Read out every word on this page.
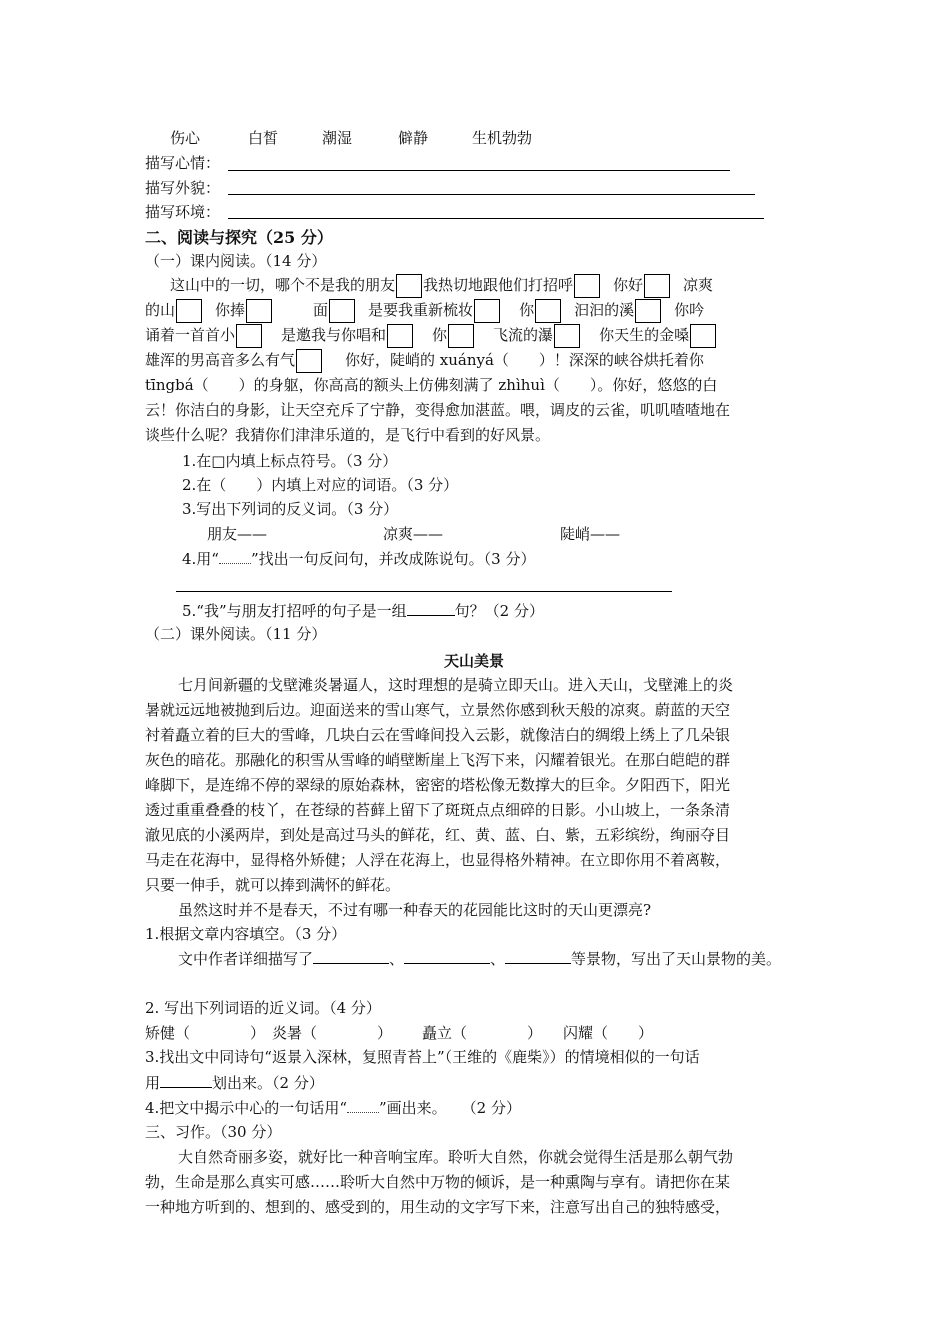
伤心	白皙	潮湿	僻静	生机勃勃
描写心情：
描写外貌：
描写环境：
二、阅读与探究（25 分）
（一）课内阅读。（14 分）
这山中的一切，哪个不是我的朋友 我热切地跟他们打招呼	你好	凉爽
的山	你捧	面	是要我重新梳妆	你	汩汩的溪	你吟
诵着一首首小	是邀我与你唱和	你	飞流的瀑	你天生的金嗓
雄浑的男高音多么有气	你好，陡峭的 xuányá（　　）！深深的峡谷烘托着你
tīngbá（　　）的身躯，你高高的额头上仿佛刻满了 zhìhuì（　　）。你好，悠悠的白
云！你洁白的身影，让天空充斥了宁静，变得愈加湛蓝。喂，调皮的云雀，叽叽喳喳地在
谈些什么呢？我猜你们津津乐道的，是飞行中看到的好风景。
1.在□内填上标点符号。（3 分）
2.在（　　）内填上对应的词语。（3 分）
3.写出下列词的反义词。（3 分）
朋友——	凉爽——	陡峭——
4.用“ ”找出一句反问句，并改成陈说句。（3 分）
5.“我”与朋友打招呼的句子是一组	句？（2 分）
（二）课外阅读。（11 分）
天山美景
七月间新疆的戈壁滩炎暑逼人，这时理想的是骑立即天山。进入天山，戈壁滩上的炎
暑就远远地被抛到后边。迎面送来的雪山寒气，立景然你感到秋天般的凉爽。蔚蓝的天空
衬着矗立着的巨大的雪峰，几块白云在雪峰间投入云影，就像洁白的绸缎上绣上了几朵银
灰色的暗花。那融化的积雪从雪峰的峭壁断崖上飞泻下来，闪耀着银光。在那白皑皑的群
峰脚下，是连绵不停的翠绿的原始森林，密密的塔松像无数撑大的巨伞。夕阳西下，阳光
透过重重叠叠的枝丫，在苍绿的苔藓上留下了斑斑点点细碎的日影。小山坡上，一条条清
澈见底的小溪两岸，到处是高过马头的鲜花，红、黄、蓝、白、紫，五彩缤纷，绚丽夺目
马走在花海中，显得格外矫健；人浮在花海上，也显得格外精神。在立即你用不着离鞍，
只要一伸手，就可以捧到满怀的鲜花。
虽然这时并不是春天，不过有哪一种春天的花园能比这时的天山更漂亮?
1.根据文章内容填空。（3 分）
文中作者详细描写了	、	、	等景物，写出了天山景物的美。
2. 写出下列词语的近义词。（4 分）
矫健（　　　　） 炎暑（　　　　） 矗立（　　　　） 闪耀（　　）
3.找出文中同诗句“返景入深林，复照青苔上”（王维的《鹿柴》）的情境相似的一句话
用	划出来。（2 分）
4.把文中揭示中心的一句话用“ ”画出来。　　（2 分）
三、习作。（30 分）
大自然奇丽多姿，就好比一种音响宝库。聆听大自然，你就会觉得生活是那么朝气勃
勃，生命是那么真实可感……聆听大自然中万物的倾诉，是一种熏陶与享有。请把你在某
一种地方听到的、想到的、感受到的，用生动的文字写下来，注意写出自己的独特感受，
